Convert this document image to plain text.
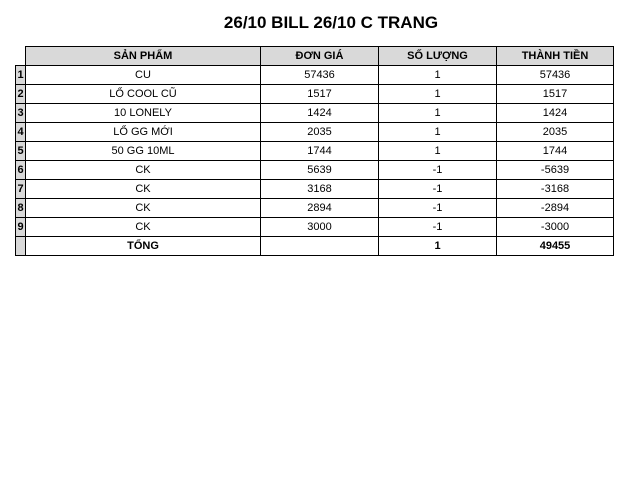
26/10 BILL 26/10 C TRANG
	SẢN PHẨM	ĐƠN GIÁ	SỐ LƯỢNG	THÀNH TIỀN
1	CU	57436	1	57436
2	LỔ COOL CŨ	1517	1	1517
3	10 LONELY	1424	1	1424
4	LỔ GG MỚI	2035	1	2035
5	50 GG 10ML	1744	1	1744
6	CK	5639	-1	-5639
7	CK	3168	-1	-3168
8	CK	2894	-1	-2894
9	CK	3000	-1	-3000
	TỔNG		1	49455
